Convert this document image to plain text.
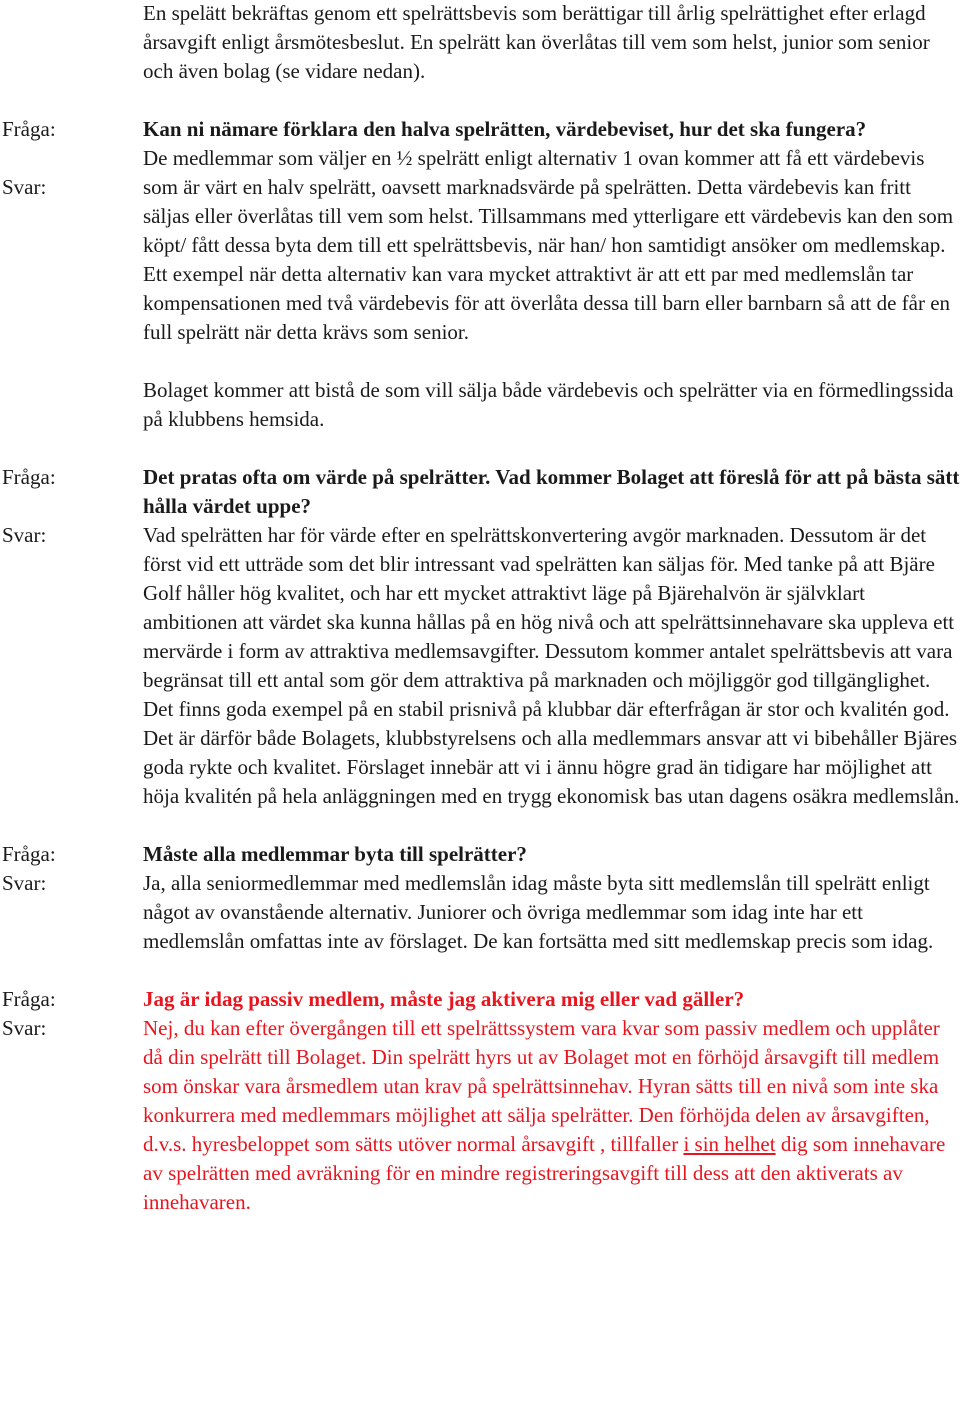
En spelätt bekräftas genom ett spelrättsbevis som berättigar till årlig spelrättighet efter erlagd årsavgift enligt årsmötesbeslut. En spelrätt kan överlåtas till vem som helst, junior som senior och även bolag (se vidare nedan).

Fråga:
Svar:

Kan ni nämare förklara den halva spelrätten, värdebeviset, hur det ska fungera?

De medlemmar som väljer en ½ spelrätt enligt alternativ 1 ovan kommer att få ett värdebevis som är värt en halv spelrätt, oavsett marknadsvärde på spelrätten. Detta värdebevis kan fritt säljas eller överlåtas till vem som helst. Tillsammans med ytterligare ett värdebevis kan den som köpt/ fått dessa byta dem till ett spelrättsbevis, när han/ hon samtidigt ansöker om medlemskap. Ett exempel när detta alternativ kan vara mycket attraktivt är att ett par med medlemslån tar kompensationen med två värdebevis för att överlåta dessa till barn eller barnbarn så att de får en full spelrätt när detta krävs som senior.

Bolaget kommer att bistå de som vill sälja både värdebevis och spelrätter via en förmedlingssida på klubbens hemsida.

Fråga:
Svar:

Det pratas ofta om värde på spelrätter. Vad kommer Bolaget att föreslå för att på bästa sätt hålla värdet uppe?

Vad spelrätten har för värde efter en spelrättskonvertering avgör marknaden. Dessutom är det först vid ett utträde som det blir intressant vad spelrätten kan säljas för. Med tanke på att Bjäre Golf håller hög kvalitet, och har ett mycket attraktivt läge på Bjärehalvön är självklart ambitionen att värdet ska kunna hållas på en hög nivå och att spelrättsinnehavare ska uppleva ett mervärde i form av attraktiva medlemsavgifter. Dessutom kommer antalet spelrättsbevis att vara begränsat till ett antal som gör dem attraktiva på marknaden och möjliggör god tillgänglighet. Det finns goda exempel på en stabil prisnivå på klubbar där efterfrågan är stor och kvalitén god. Det är därför både Bolagets, klubbstyrelsens och alla medlemmars ansvar att vi bibehåller Bjäres goda rykte och kvalitet. Förslaget innebär att vi i ännu högre grad än tidigare har möjlighet att höja kvalitén på hela anläggningen med en trygg ekonomisk bas utan dagens osäkra medlemslån.

Fråga:
Svar:

Måste alla medlemmar byta till spelrätter?

Ja, alla seniormedlemmar med medlemslån idag måste byta sitt medlemslån till spelrätt enligt något av ovanstående alternativ. Juniorer och övriga medlemmar som idag inte har ett medlemslån omfattas inte av förslaget. De kan fortsätta med sitt medlemskap precis som idag.

Fråga:
Svar:

Jag är idag passiv medlem, måste jag aktivera mig eller vad gäller?

Nej, du kan efter övergången till ett spelrättssystem vara kvar som passiv medlem och upplåter då din spelrätt till Bolaget. Din spelrätt hyrs ut av Bolaget mot en förhöjd årsavgift till medlem som önskar vara årsmedlem utan krav på spelrättsinnehav. Hyran sätts till en nivå som inte ska konkurrera med medlemmars möjlighet att sälja spelrätter. Den förhöjda delen av årsavgiften, d.v.s. hyresbeloppet som sätts utöver normal årsavgift , tillfaller i sin helhet dig som innehavare av spelrätten med avräkning för en mindre registreringsavgift till dess att den aktiverats av innehavaren.
